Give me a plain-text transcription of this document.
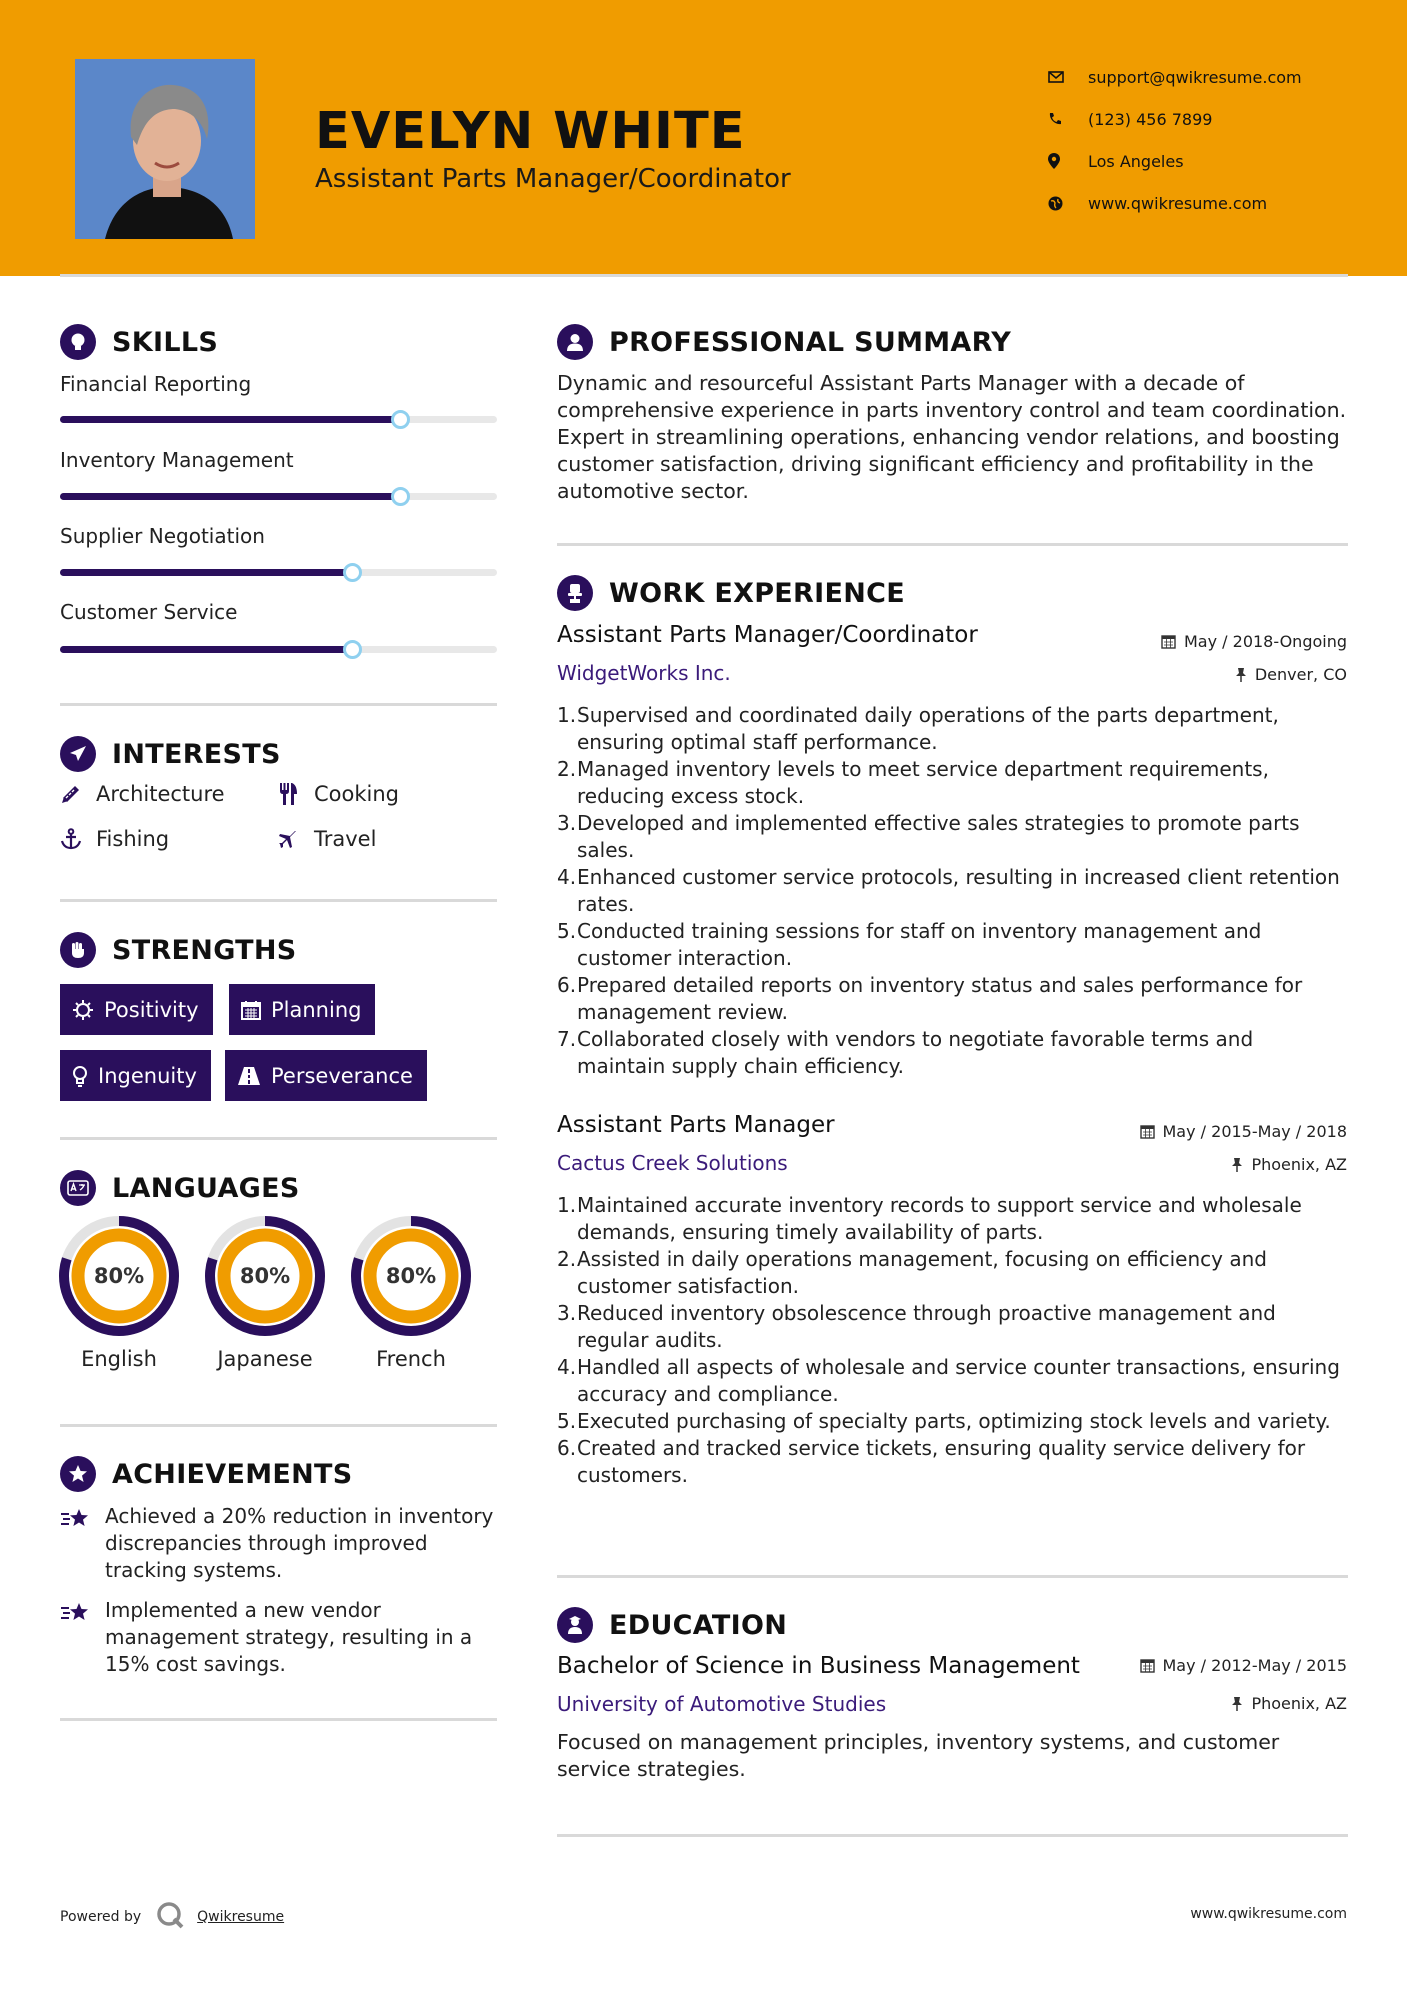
EVELYN WHITE
Assistant Parts Manager/Coordinator
support@qwikresume.com
(123) 456 7899
Los Angeles
www.qwikresume.com
SKILLS
Financial Reporting
Inventory Management
Supplier Negotiation
Customer Service
INTERESTS
Architecture	Cooking
Fishing	Travel
STRENGTHS
Positivity	Planning
Ingenuity	Perseverance
LANGUAGES
80%
English
80%
Japanese
80%
French
ACHIEVEMENTS
Achieved a 20% reduction in inventory discrepancies through improved tracking systems.
Implemented a new vendor management strategy, resulting in a 15% cost savings.
PROFESSIONAL SUMMARY
Dynamic and resourceful Assistant Parts Manager with a decade of comprehensive experience in parts inventory control and team coordination. Expert in streamlining operations, enhancing vendor relations, and boosting customer satisfaction, driving significant efficiency and profitability in the automotive sector.
WORK EXPERIENCE
Assistant Parts Manager/Coordinator	May / 2018-Ongoing
WidgetWorks Inc.	Denver, CO
1. Supervised and coordinated daily operations of the parts department, ensuring optimal staff performance.
2. Managed inventory levels to meet service department requirements, reducing excess stock.
3. Developed and implemented effective sales strategies to promote parts sales.
4. Enhanced customer service protocols, resulting in increased client retention rates.
5. Conducted training sessions for staff on inventory management and customer interaction.
6. Prepared detailed reports on inventory status and sales performance for management review.
7. Collaborated closely with vendors to negotiate favorable terms and maintain supply chain efficiency.
Assistant Parts Manager	May / 2015-May / 2018
Cactus Creek Solutions	Phoenix, AZ
1. Maintained accurate inventory records to support service and wholesale demands, ensuring timely availability of parts.
2. Assisted in daily operations management, focusing on efficiency and customer satisfaction.
3. Reduced inventory obsolescence through proactive management and regular audits.
4. Handled all aspects of wholesale and service counter transactions, ensuring accuracy and compliance.
5. Executed purchasing of specialty parts, optimizing stock levels and variety.
6. Created and tracked service tickets, ensuring quality service delivery for customers.
EDUCATION
Bachelor of Science in Business Management	May / 2012-May / 2015
University of Automotive Studies	Phoenix, AZ
Focused on management principles, inventory systems, and customer service strategies.
Powered by	Qwikresume	www.qwikresume.com
